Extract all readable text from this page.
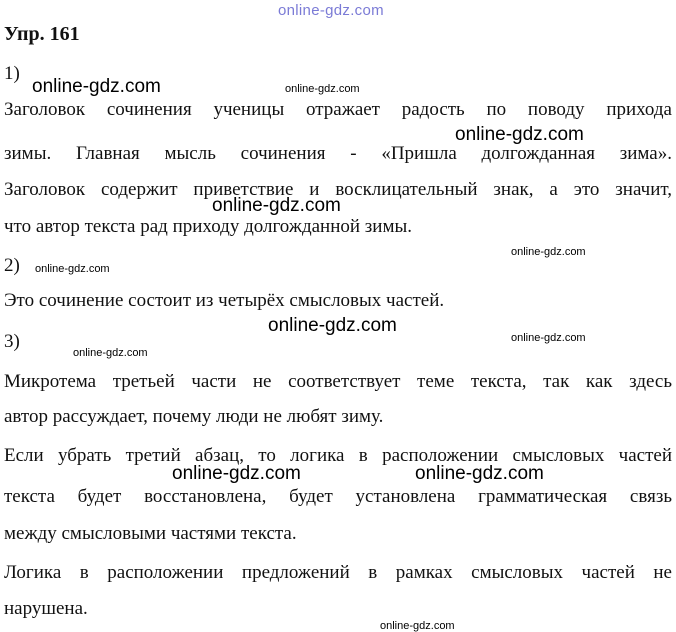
online-gdz.com

Упр. 161

1)

Заголовок сочинения ученицы отражает радость по поводу прихода

зимы. Главная мысль сочинения - «Пришла долгожданная зима».

Заголовок содержит приветствие и восклицательный знак, а это значит,

что автор текста рад приходу долгожданной зимы.

2)

Это сочинение состоит из четырёх смысловых частей.

3)

Микротема третьей части не соответствует теме текста, так как здесь

автор рассуждает, почему люди не любят зиму.

Если убрать третий абзац, то логика в расположении смысловых частей

текста будет восстановлена, будет установлена грамматическая связь

между смысловыми частями текста.

Логика в расположении предложений в рамках смысловых частей не

нарушена.

online-gdz.com	online-gdz.com

online-gdz.com

online-gdz.com

online-gdz.com

online-gdz.com

online-gdz.com

online-gdz.com

online-gdz.com

online-gdz.com	online-gdz.com

online-gdz.com
